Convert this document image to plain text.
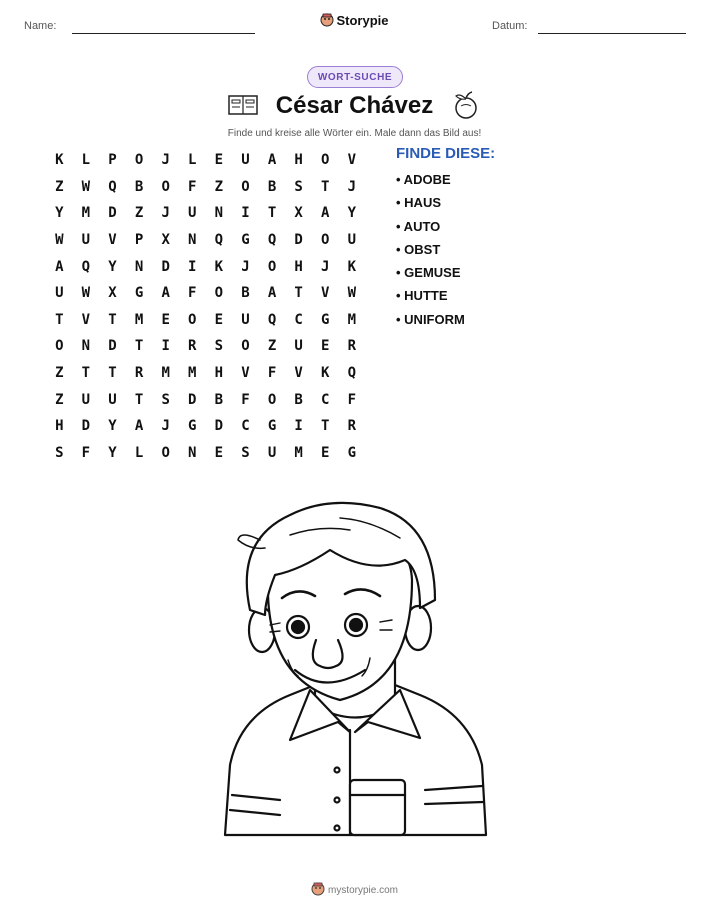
Name:	Storypie	Datum:
WORT-SUCHE
César Chávez
Finde und kreise alle Wörter ein. Male dann das Bild aus!
K	L	P	O	J	L	E	U	A	H	O	V
Z	W	Q	B	O	F	Z	O	B	S	T	J
Y	M	D	Z	J	U	N	I	T	X	A	Y
W	U	V	P	X	N	Q	G	Q	D	O	U
A	Q	Y	N	D	I	K	J	O	H	J	K
U	W	X	G	A	F	O	B	A	T	V	W
T	V	T	M	E	O	E	U	Q	C	G	M
O	N	D	T	I	R	S	O	Z	U	E	R
Z	T	T	R	M	M	H	V	F	V	K	Q
Z	U	U	T	S	D	B	F	O	B	C	F
H	D	Y	A	J	G	D	C	G	I	T	R
S	F	Y	L	O	N	E	S	U	M	E	G
FINDE DIESE:
• ADOBE
• HAUS
• AUTO
• OBST
• GEMUSE
• HUTTE
• UNIFORM
mystorypie.com
